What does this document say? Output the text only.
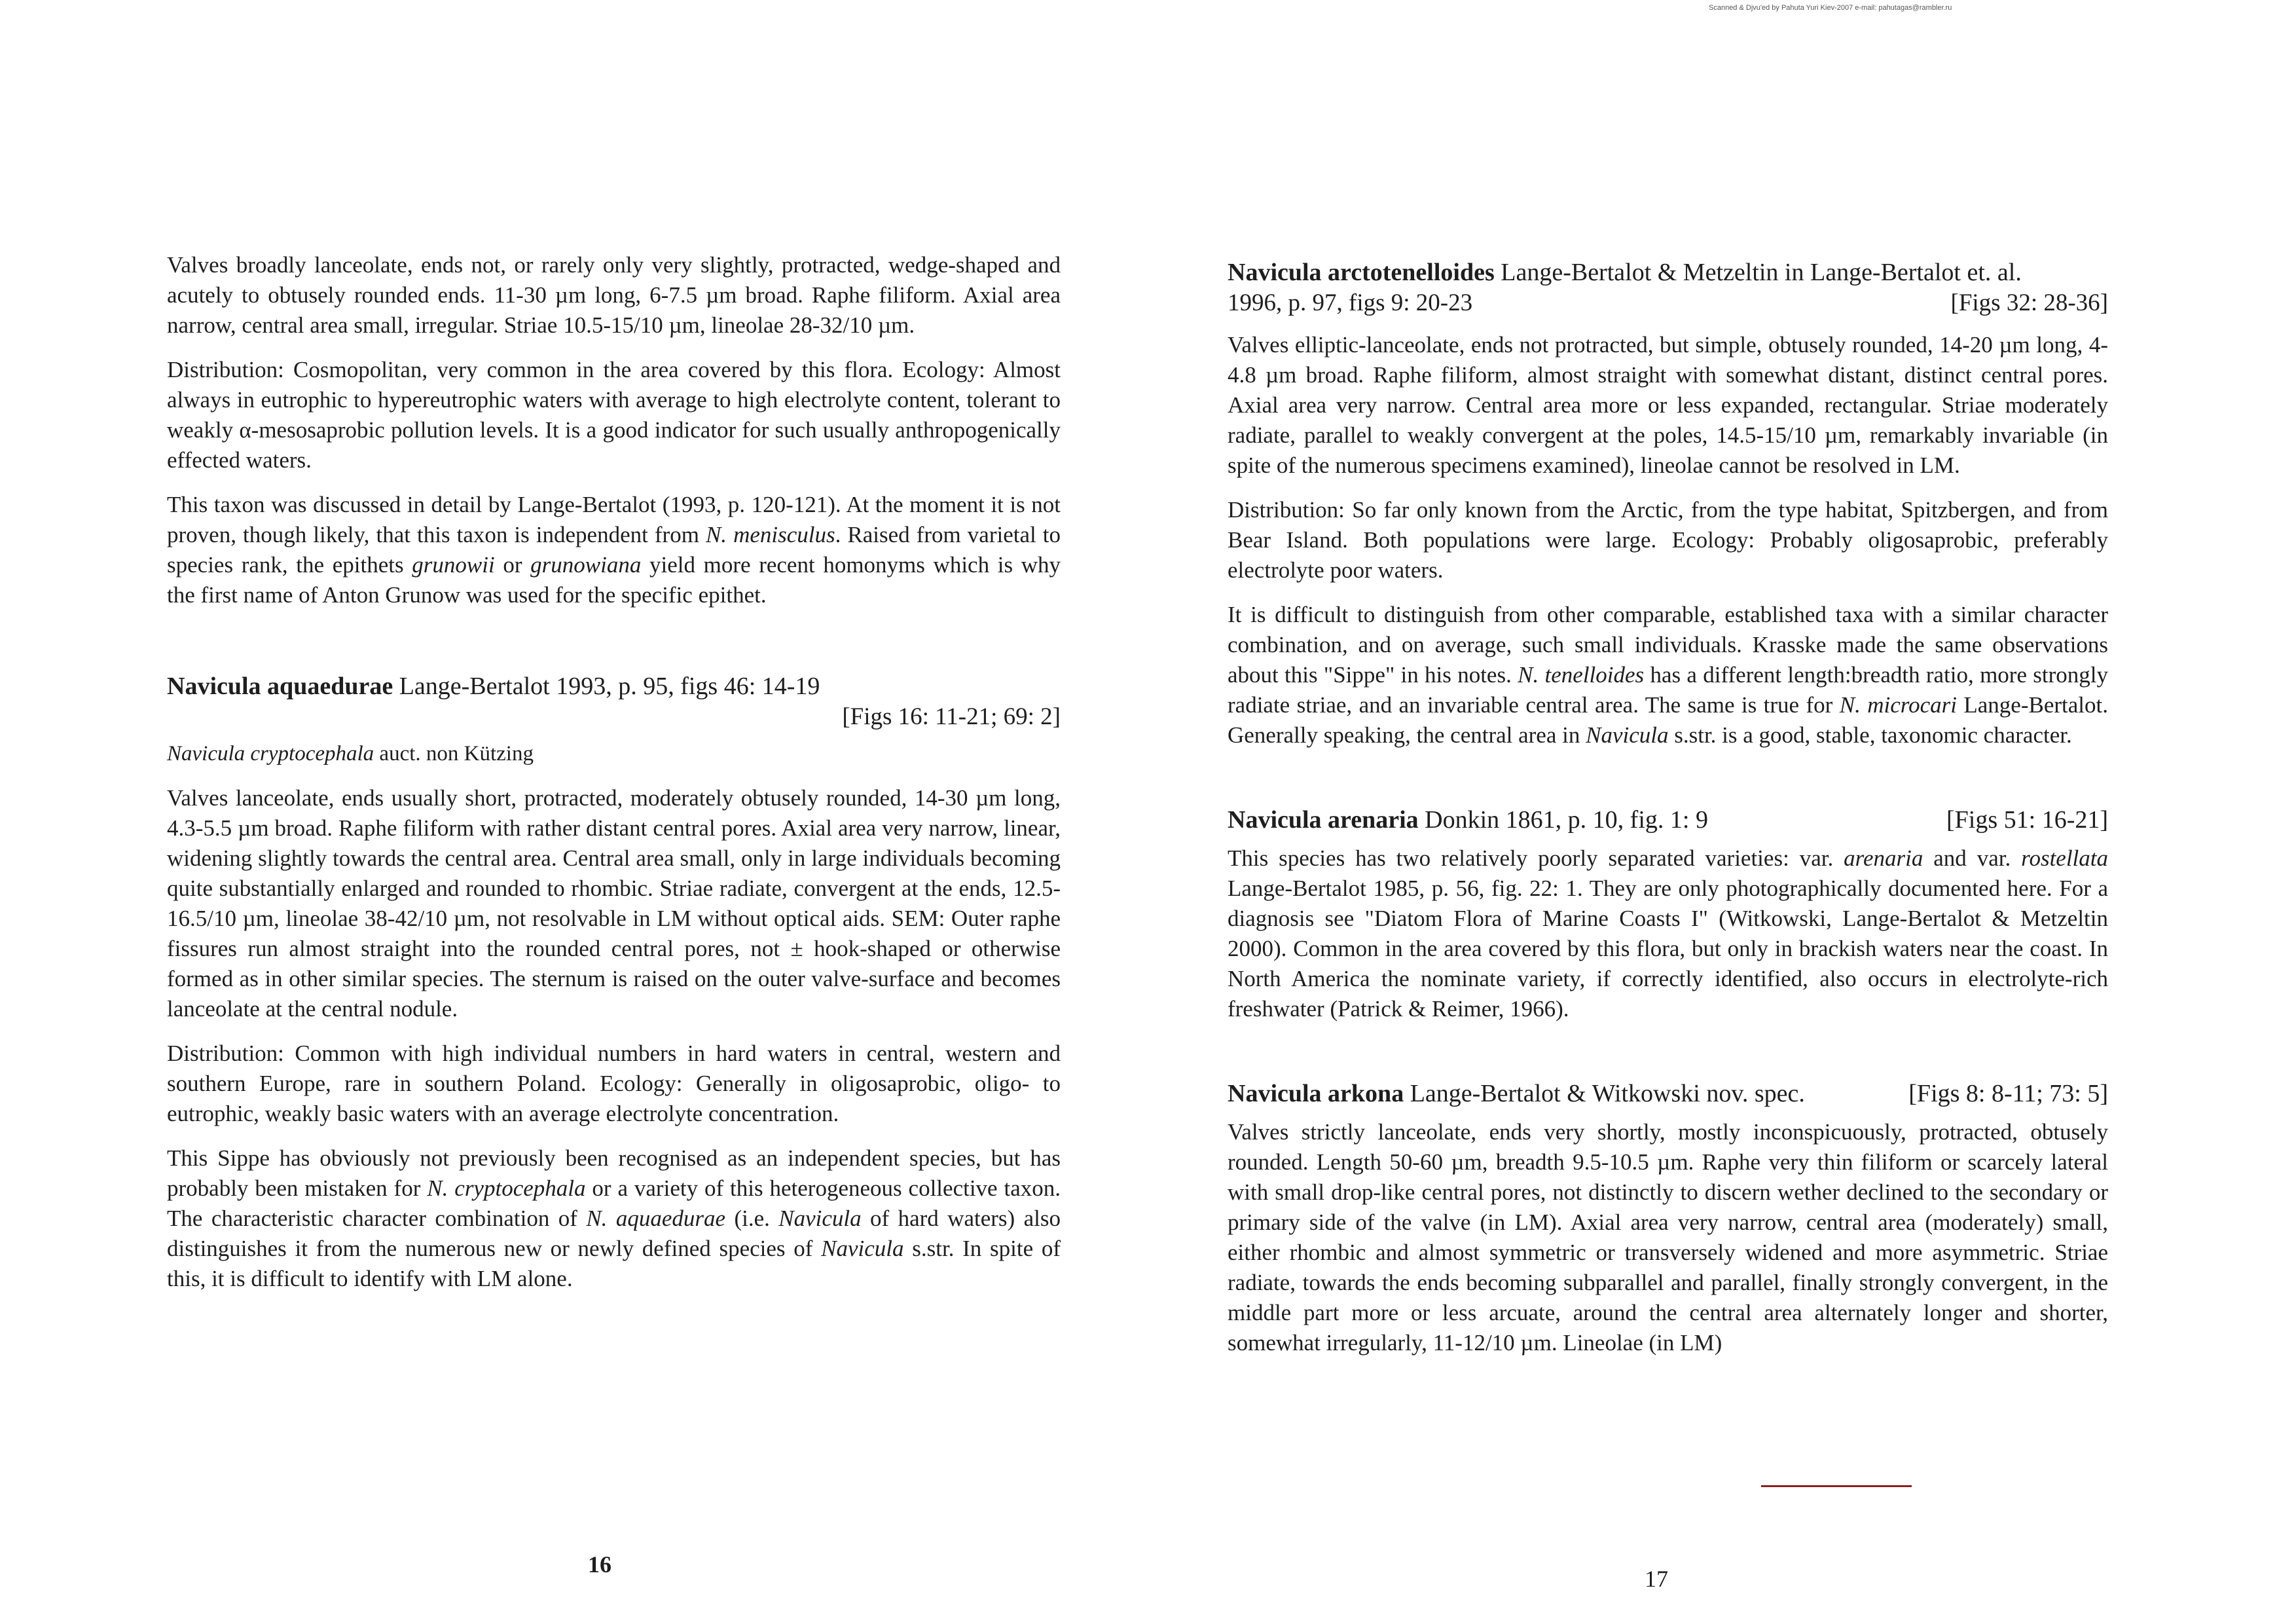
Scanned & Djvu'ed by Pahuta Yuri Kiev-2007 e-mail: pahutagas@rambler.ru

Valves broadly lanceolate, ends not, or rarely only very slightly, protracted, wedge-shaped and acutely to obtusely rounded ends. 11-30 µm long, 6-7.5 µm broad. Raphe filiform. Axial area narrow, central area small, irregular. Striae 10.5-15/10 µm, lineolae 28-32/10 µm.

Distribution: Cosmopolitan, very common in the area covered by this flora. Ecology: Almost always in eutrophic to hypereutrophic waters with average to high electrolyte content, tolerant to weakly α-mesosaprobic pollution levels. It is a good indicator for such usually anthropogenically effected waters.

This taxon was discussed in detail by Lange-Bertalot (1993, p. 120-121). At the moment it is not proven, though likely, that this taxon is independent from N. menisculus. Raised from varietal to species rank, the epithets grunowii or grunowiana yield more recent homonyms which is why the first name of Anton Grunow was used for the specific epithet.

Navicula aquaedurae Lange-Bertalot 1993, p. 95, figs 46: 14-19
[Figs 16: 11-21; 69: 2]
Navicula cryptocephala auct. non Kützing

Valves lanceolate, ends usually short, protracted, moderately obtusely rounded, 14-30 µm long, 4.3-5.5 µm broad. Raphe filiform with rather distant central pores. Axial area very narrow, linear, widening slightly towards the central area. Central area small, only in large individuals becoming quite substantially enlarged and rounded to rhombic. Striae radiate, convergent at the ends, 12.5-16.5/10 µm, lineolae 38-42/10 µm, not resolvable in LM without optical aids. SEM: Outer raphe fissures run almost straight into the rounded central pores, not ± hook-shaped or otherwise formed as in other similar species. The sternum is raised on the outer valve-surface and becomes lanceolate at the central nodule.

Distribution: Common with high individual numbers in hard waters in central, western and southern Europe, rare in southern Poland. Ecology: Generally in oligosaprobic, oligo- to eutrophic, weakly basic waters with an average electrolyte concentration.

This Sippe has obviously not previously been recognised as an independent species, but has probably been mistaken for N. cryptocephala or a variety of this heterogeneous collective taxon. The characteristic character combination of N. aquaedurae (i.e. Navicula of hard waters) also distinguishes it from the numerous new or newly defined species of Navicula s.str. In spite of this, it is difficult to identify with LM alone.

16
Navicula arctotenelloides Lange-Bertalot & Metzeltin in Lange-Bertalot et. al.
1996, p. 97, figs 9: 20-23	[Figs 32: 28-36]

Valves elliptic-lanceolate, ends not protracted, but simple, obtusely rounded, 14-20 µm long, 4-4.8 µm broad. Raphe filiform, almost straight with somewhat distant, distinct central pores. Axial area very narrow. Central area more or less expanded, rectangular. Striae moderately radiate, parallel to weakly convergent at the poles, 14.5-15/10 µm, remarkably invariable (in spite of the numerous specimens examined), lineolae cannot be resolved in LM.

Distribution: So far only known from the Arctic, from the type habitat, Spitzbergen, and from Bear Island. Both populations were large. Ecology: Probably oligosaprobic, preferably electrolyte poor waters.

It is difficult to distinguish from other comparable, established taxa with a similar character combination, and on average, such small individuals. Krasske made the same observations about this "Sippe" in his notes. N. tenelloides has a different length:breadth ratio, more strongly radiate striae, and an invariable central area. The same is true for N. microcari Lange-Bertalot. Generally speaking, the central area in Navicula s.str. is a good, stable, taxonomic character.

Navicula arenaria Donkin 1861, p. 10, fig. 1: 9	[Figs 51: 16-21]

This species has two relatively poorly separated varieties: var. arenaria and var. rostellata Lange-Bertalot 1985, p. 56, fig. 22: 1. They are only photographically documented here. For a diagnosis see "Diatom Flora of Marine Coasts I" (Witkowski, Lange-Bertalot & Metzeltin 2000). Common in the area covered by this flora, but only in brackish waters near the coast. In North America the nominate variety, if correctly identified, also occurs in electrolyte-rich freshwater (Patrick & Reimer, 1966).

Navicula arkona Lange-Bertalot & Witkowski nov. spec.	[Figs 8: 8-11; 73: 5]

Valves strictly lanceolate, ends very shortly, mostly inconspicuously, protracted, obtusely rounded. Length 50-60 µm, breadth 9.5-10.5 µm. Raphe very thin filiform or scarcely lateral with small drop-like central pores, not distinctly to discern wether declined to the secondary or primary side of the valve (in LM). Axial area very narrow, central area (moderately) small, either rhombic and almost symmetric or transversely widened and more asymmetric. Striae radiate, towards the ends becoming subparallel and parallel, finally strongly convergent, in the middle part more or less arcuate, around the central area alternately longer and shorter, somewhat irregularly, 11-12/10 µm. Lineolae (in LM)

17
